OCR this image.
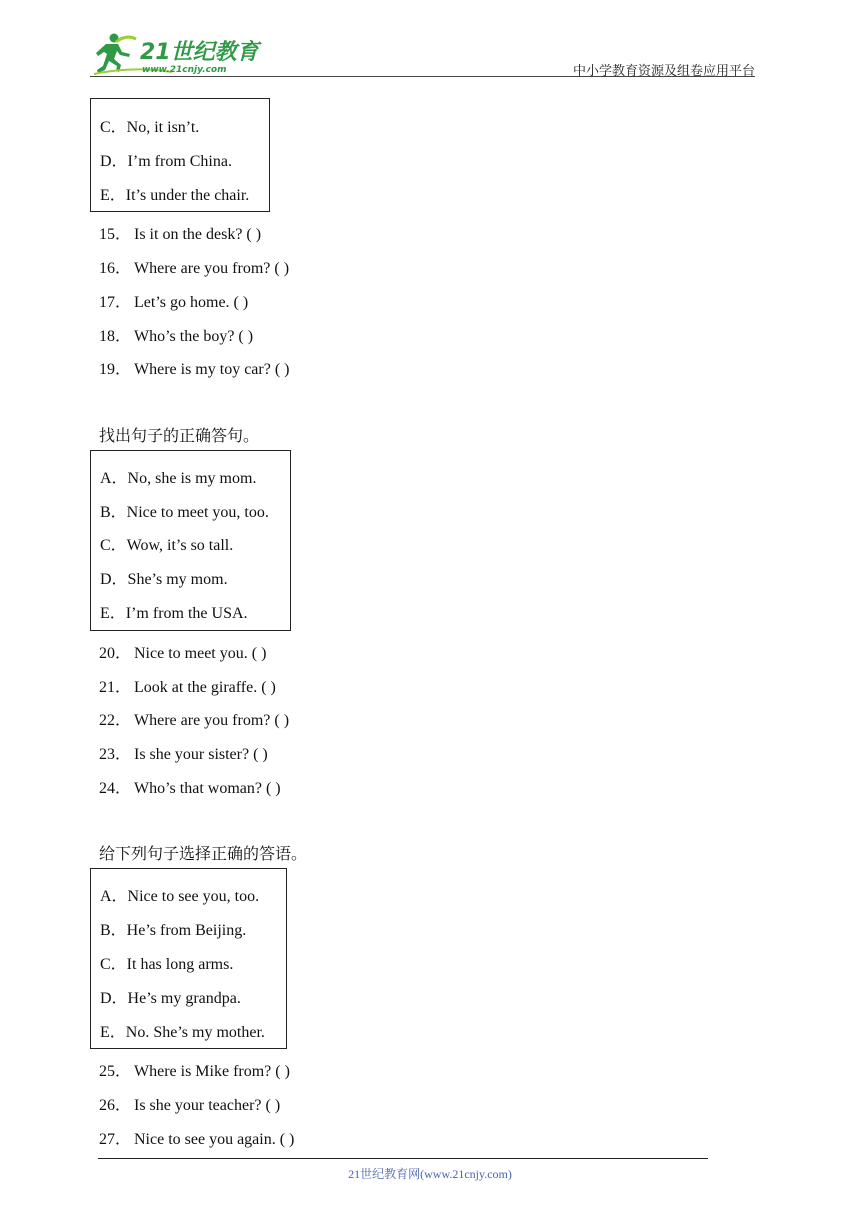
21世纪教育
www.21cnjy.com	中小学教育资源及组卷应用平台
C．No, it isn’t.
D．I’m from China.
E．It’s under the chair.
15． Is it on the desk? ( )
16． Where are you from? ( )
17． Let’s go home. ( )
18． Who’s the boy? ( )
19． Where is my toy car? ( )
找出句子的正确答句。
A．No, she is my mom.
B．Nice to meet you, too.
C．Wow, it’s so tall.
D．She’s my mom.
E．I’m from the USA.
20． Nice to meet you. ( )
21． Look at the giraffe. ( )
22． Where are you from? ( )
23． Is she your sister? ( )
24． Who’s that woman? ( )
给下列句子选择正确的答语。
A．Nice to see you, too.
B．He’s from Beijing.
C．It has long arms.
D．He’s my grandpa.
E．No. She’s my mother.
25． Where is Mike from? ( )
26． Is she your teacher? ( )
27． Nice to see you again. ( )
21世纪教育网(www.21cnjy.com)
